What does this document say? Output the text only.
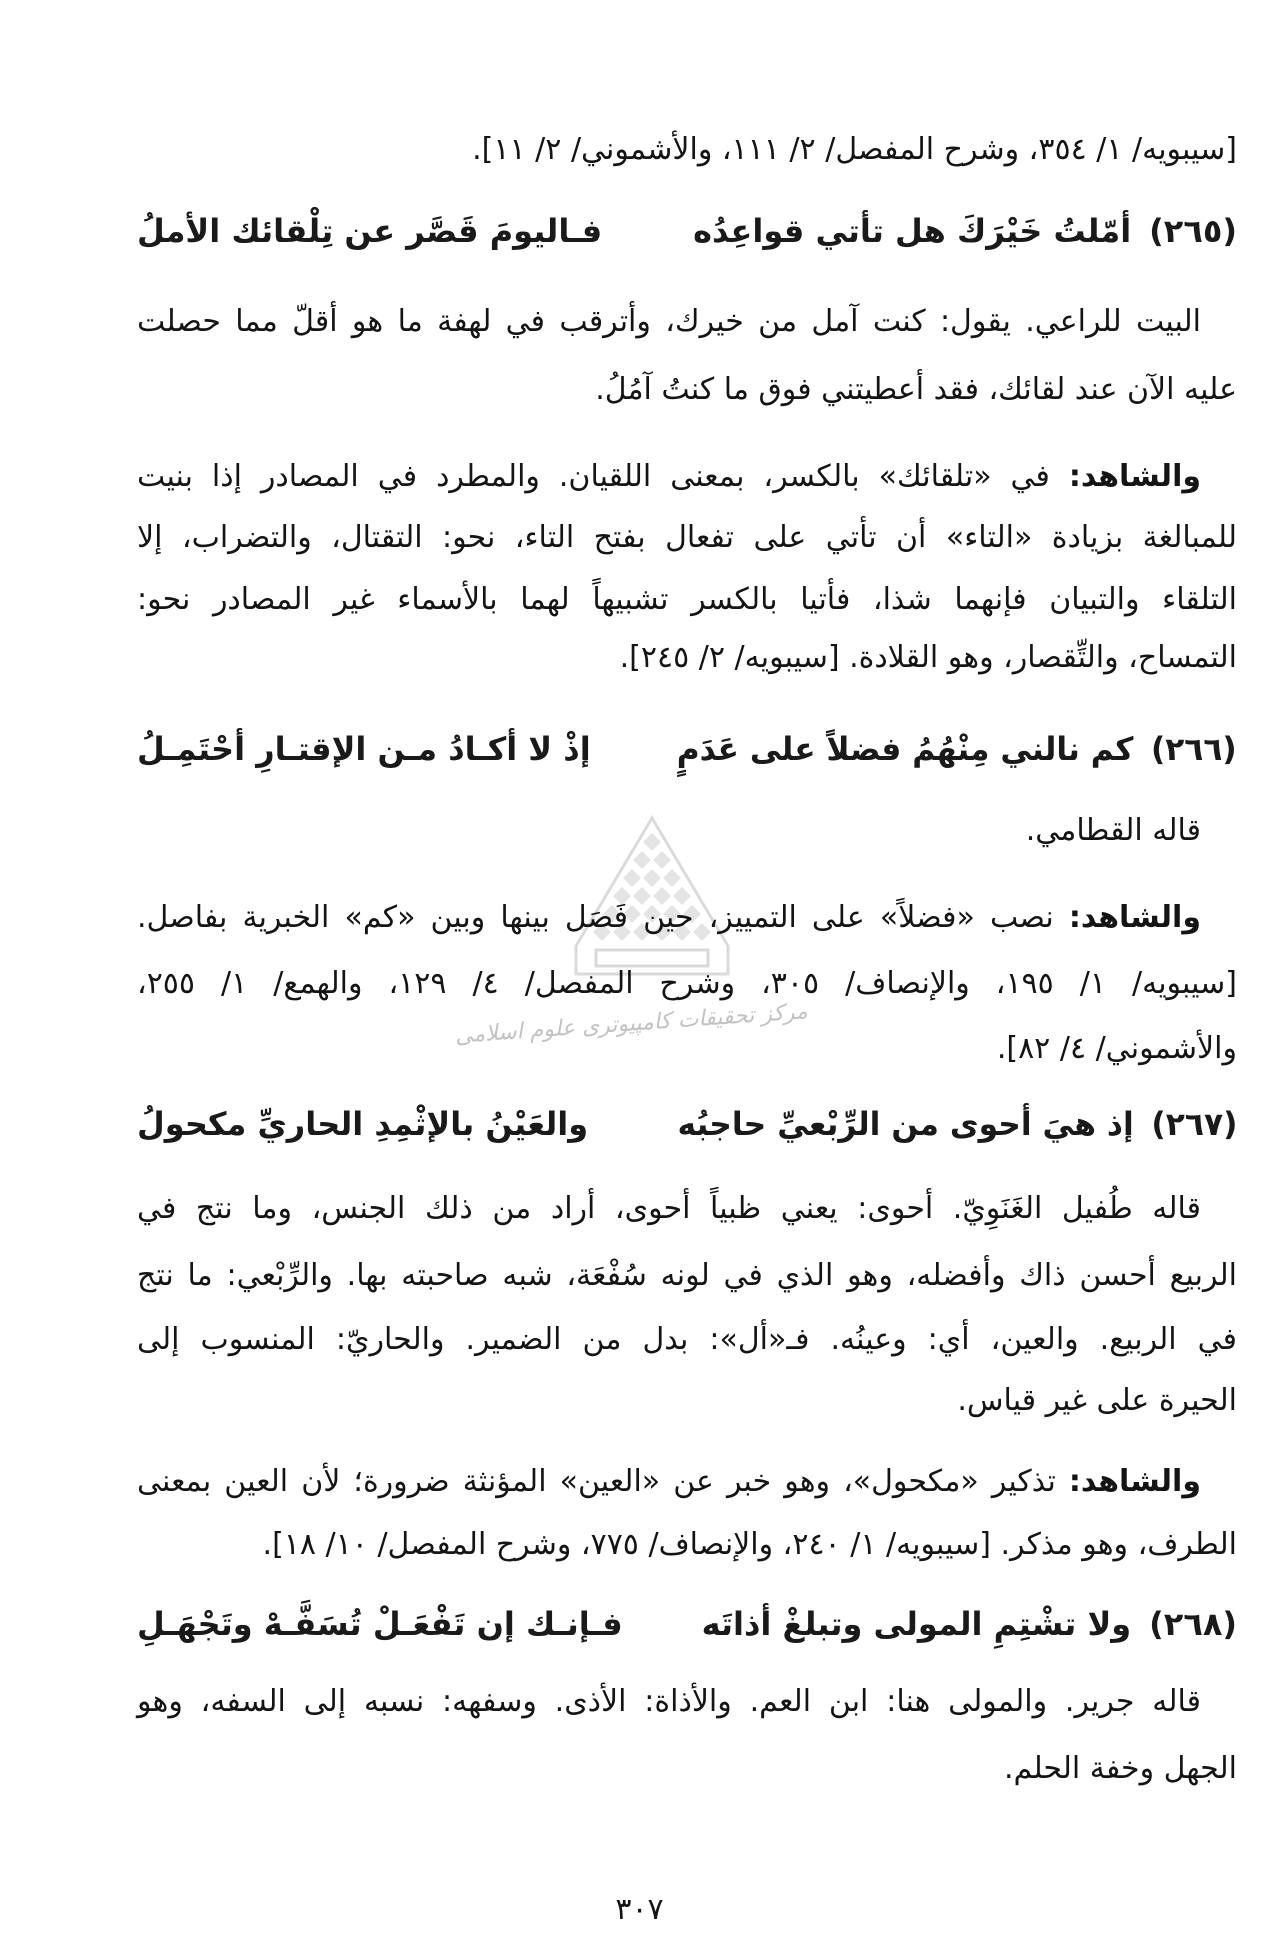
مرکز تحقیقات کامپیوتری علوم اسلامی
[سيبويه/ ١/ ٣٥٤، وشرح المفصل/ ٢/ ١١١، والأشموني/ ٢/ ١١].
(٢٦٥)أمّلتُ خَيْرَكَ هل تأتي قواعِدُه
فـاليومَ قَصَّر عن تِلْقائك الأملُ
البيت للراعي. يقول: كنت آمل من خيرك، وأترقب في لهفة ما هو أقلّ مما حصلت
عليه الآن عند لقائك، فقد أعطيتني فوق ما كنتُ آمُلُ.
والشاهد: في «تلقائك» بالكسر، بمعنى اللقيان. والمطرد في المصادر إذا بنيت
للمبالغة بزيادة «التاء» أن تأتي على تفعال بفتح التاء، نحو: التقتال، والتضراب، إلا
التلقاء والتبيان فإنهما شذا، فأتيا بالكسر تشبيهاً لهما بالأسماء غير المصادر نحو:
التمساح، والتِّقصار، وهو القلادة. [سيبويه/ ٢/ ٢٤٥].
(٢٦٦)كم نالني مِنْهُمُ فضلاً على عَدَمٍ
إذْ لا أكـادُ مـن الإقتـارِ أحْتَمِـلُ
قاله القطامي.
والشاهد: نصب «فضلاً» على التمييز، حين فَصَل بينها وبين «كم» الخبرية بفاصل.
[سيبويه/ ١/ ١٩٥، والإنصاف/ ٣٠٥، وشرح المفصل/ ٤/ ١٢٩، والهمع/ ١/ ٢٥٥،
والأشموني/ ٤/ ٨٢].
(٢٦٧)إذ هيَ أحوى من الرِّبْعيِّ حاجبُه
والعَيْنُ بالإثْمِدِ الحاريِّ مكحولُ
قاله طُفيل الغَنَوِيّ. أحوى: يعني ظبياً أحوى، أراد من ذلك الجنس، وما نتج في
الربيع أحسن ذاك وأفضله، وهو الذي في لونه سُفْعَة، شبه صاحبته بها. والرِّبْعي: ما نتج
في الربيع. والعين، أي: وعينُه. فـ«أل»: بدل من الضمير. والحاريّ: المنسوب إلى
الحيرة على غير قياس.
والشاهد: تذكير «مكحول»، وهو خبر عن «العين» المؤنثة ضرورة؛ لأن العين بمعنى
الطرف، وهو مذكر. [سيبويه/ ١/ ٢٤٠، والإنصاف/ ٧٧٥، وشرح المفصل/ ١٠/ ١٨].
(٢٦٨)ولا تشْتِمِ المولى وتبلغْ أذاتَه
فـإنـك إن تَفْعَـلْ تُسَفَّـهْ وتَجْهَـلِ
قاله جرير. والمولى هنا: ابن العم. والأذاة: الأذى. وسفهه: نسبه إلى السفه، وهو
الجهل وخفة الحلم.
٣٠٧
